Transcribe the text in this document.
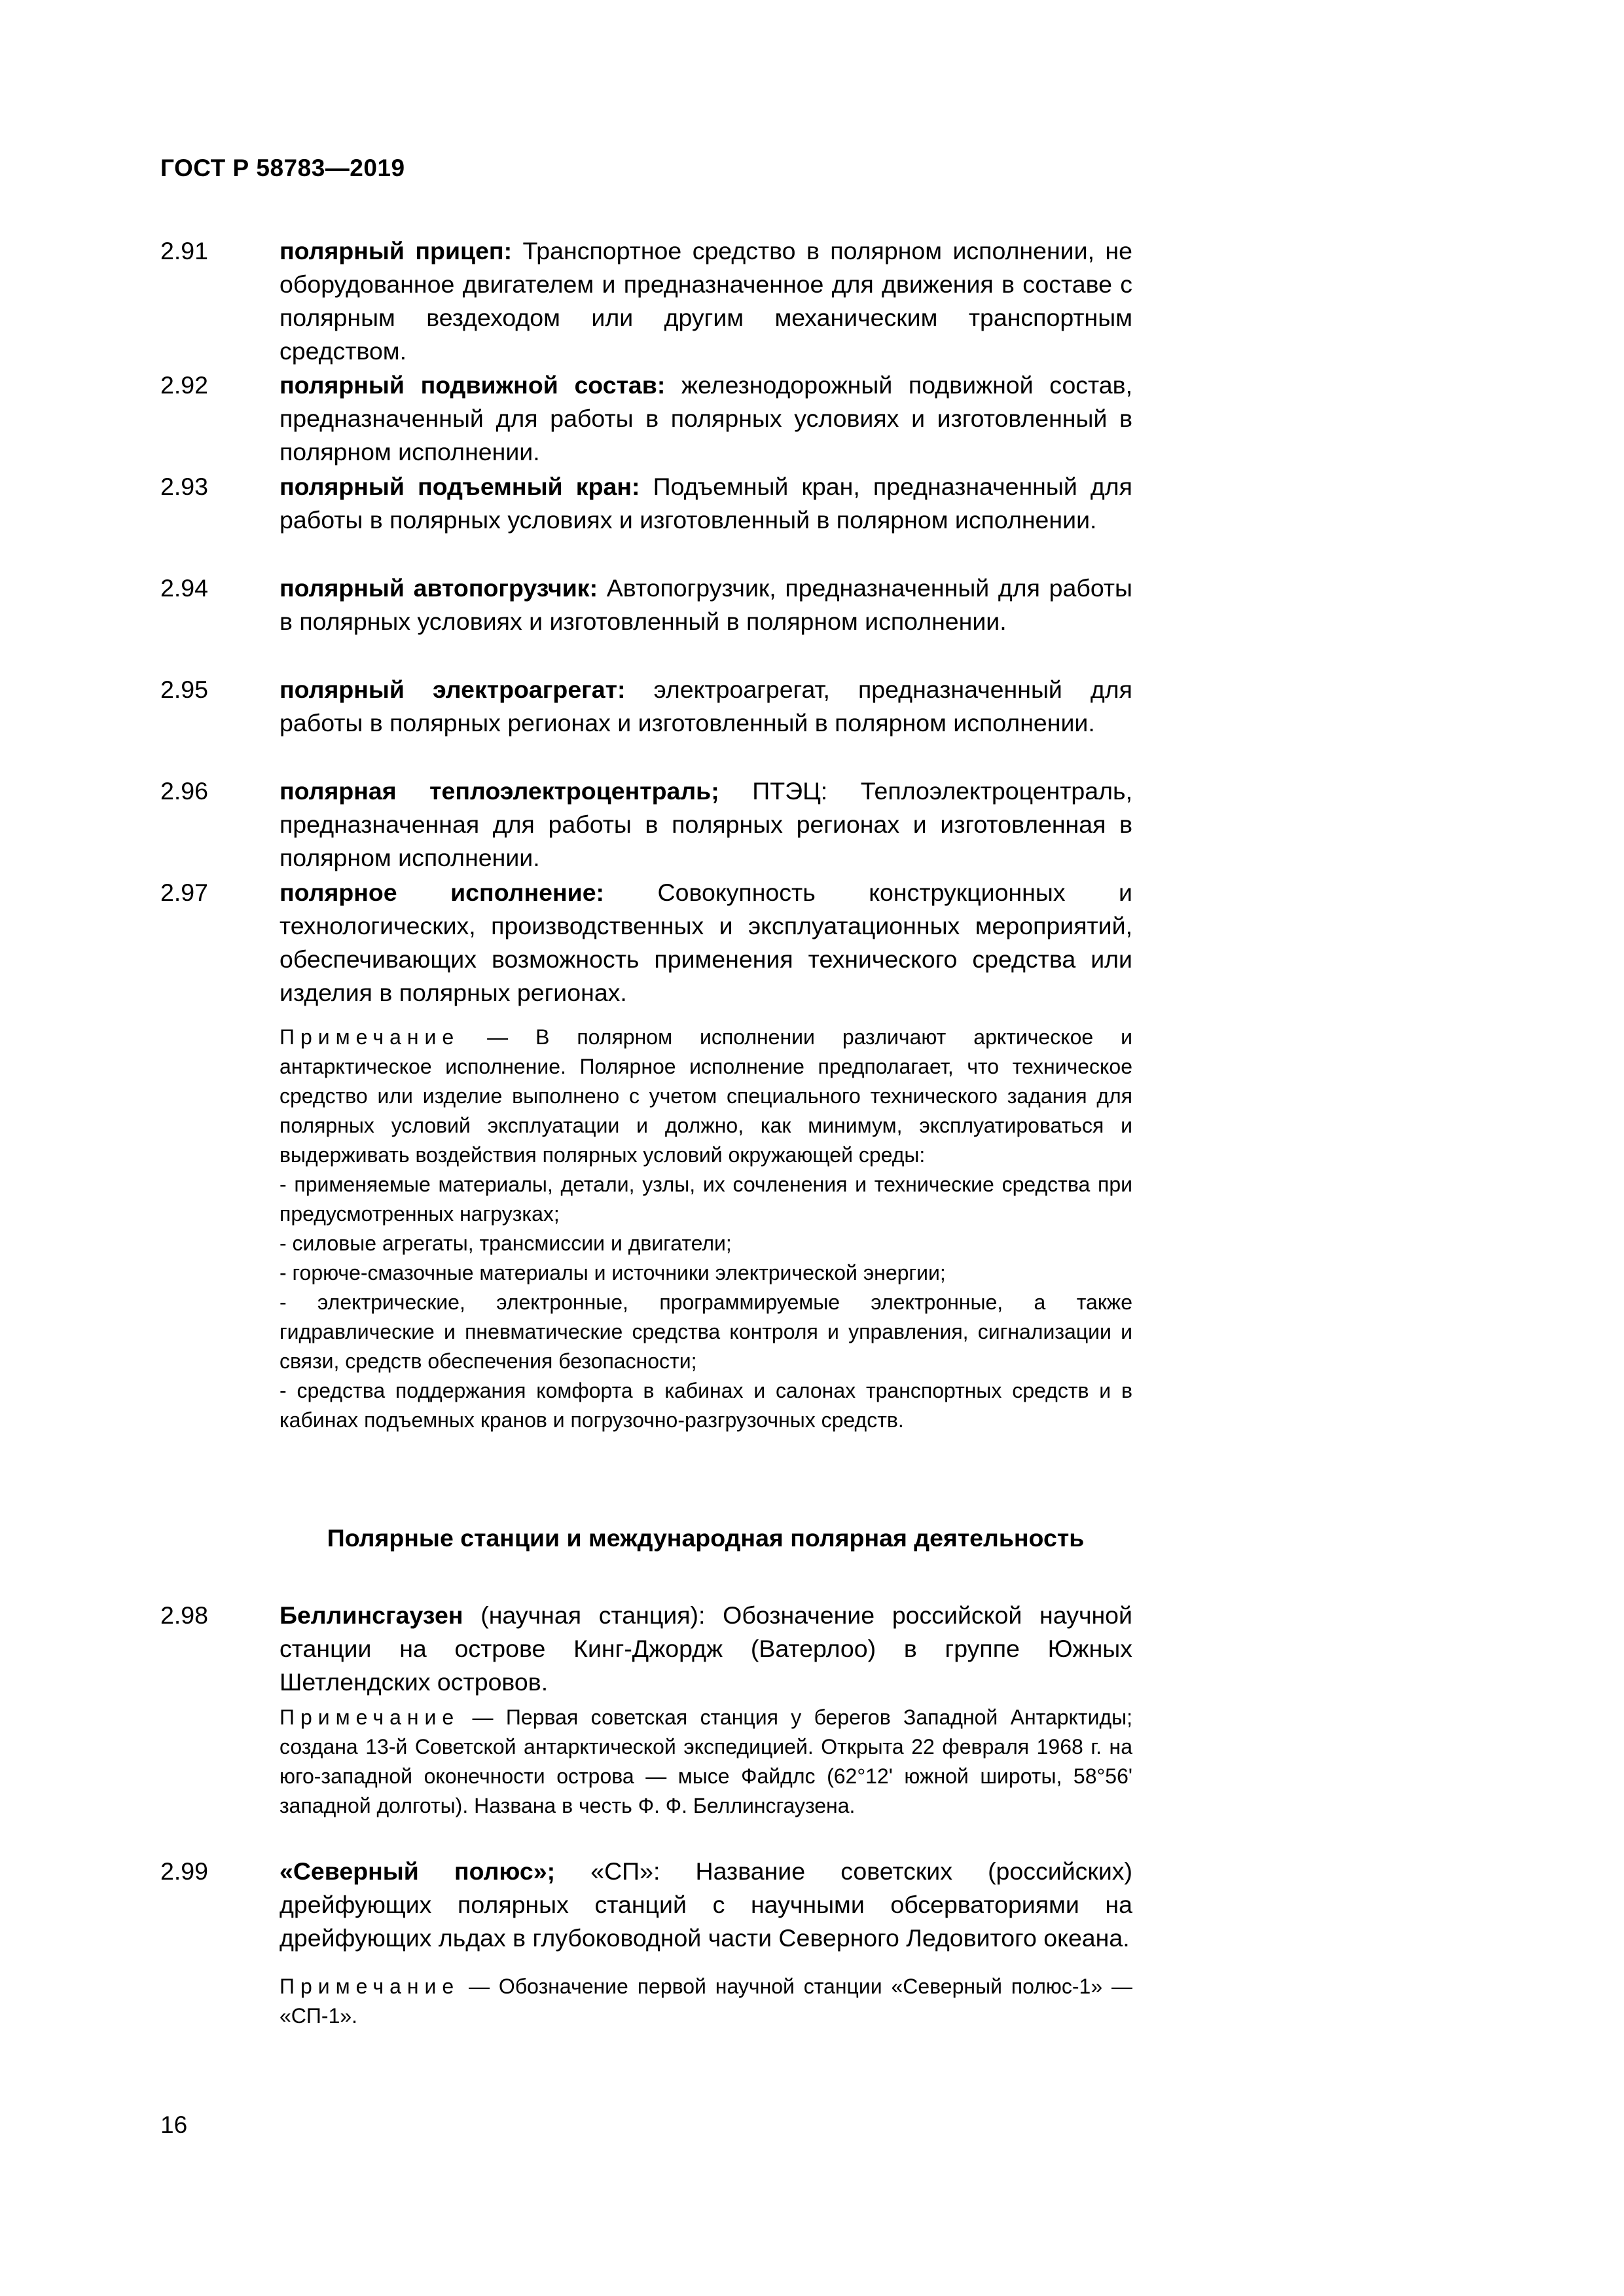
ГОСТ Р 58783—2019
2.91	полярный прицеп: Транспортное средство в полярном исполнении, не оборудованное двигателем и предназначенное для движения в составе с полярным вездеходом или другим механическим транспортным средством.
2.92	полярный подвижной состав: железнодорожный подвижной состав, предназначенный для работы в полярных условиях и изготовленный в полярном исполнении.
2.93	полярный подъемный кран: Подъемный кран, предназначенный для работы в полярных условиях и изготовленный в полярном исполнении.
2.94	полярный автопогрузчик: Автопогрузчик, предназначенный для работы в полярных условиях и изготовленный в полярном исполнении.
2.95	полярный электроагрегат: электроагрегат, предназначенный для работы в полярных регионах и изготовленный в полярном исполнении.
2.96	полярная теплоэлектроцентраль; ПТЭЦ: Теплоэлектроцентраль, предназначенная для работы в полярных регионах и изготовленная в полярном исполнении.
2.97	полярное исполнение: Совокупность конструкционных и технологических, производственных и эксплуатационных мероприятий, обеспечивающих возможность применения технического средства или изделия в полярных регионах.
Примечание — В полярном исполнении различают арктическое и антарктическое исполнение. Полярное исполнение предполагает, что техническое средство или изделие выполнено с учетом специального технического задания для полярных условий эксплуатации и должно, как минимум, эксплуатироваться и выдерживать воздействия полярных условий окружающей среды:
- применяемые материалы, детали, узлы, их сочленения и технические средства при предусмотренных нагрузках;
- силовые агрегаты, трансмиссии и двигатели;
- горюче-смазочные материалы и источники электрической энергии;
- электрические, электронные, программируемые электронные, а также гидравлические и пневматические средства контроля и управления, сигнализации и связи, средств обеспечения безопасности;
- средства поддержания комфорта в кабинах и салонах транспортных средств и в кабинах подъемных кранов и погрузочно-разгрузочных средств.
Полярные станции и международная полярная деятельность
2.98	Беллинсгаузен (научная станция): Обозначение российской научной станции на острове Кинг-Джордж (Ватерлоо) в группе Южных Шетлендских островов.
Примечание — Первая советская станция у берегов Западной Антарктиды; создана 13-й Советской антарктической экспедицией. Открыта 22 февраля 1968 г. на юго-западной оконечности острова — мысе Файдлс (62°12' южной широты, 58°56' западной долготы). Названа в честь Ф. Ф. Беллинсгаузена.
2.99	«Северный полюс»; «СП»: Название советских (российских) дрейфующих полярных станций с научными обсерваториями на дрейфующих льдах в глубоководной части Северного Ледовитого океана.
Примечание — Обозначение первой научной станции «Северный полюс-1» — «СП-1».
16
